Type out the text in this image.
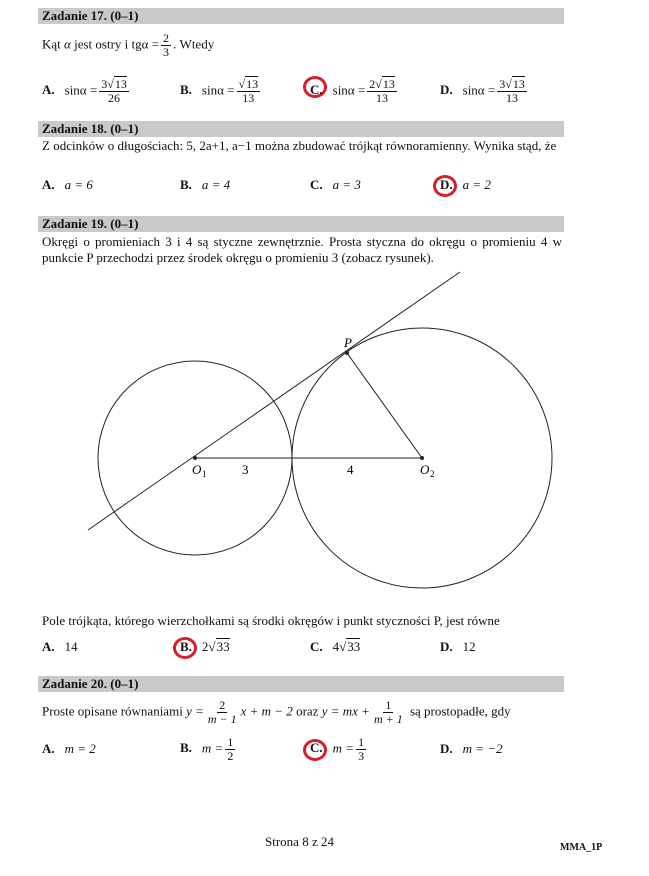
Zadanie 17. (0–1)
Kąt α jest ostry i $tg\alpha = \frac{2}{3}$ . Wtedy
A. $\sin\alpha = \frac{3√13}{26}$	B. $\sin\alpha = \frac{√13}{13}$	C. $\sin\alpha = \frac{2√13}{13}$	D. $\sin\alpha = \frac{3√13}{13}$
Zadanie 18. (0–1)
Z odcinków o długościach: 5, 2a+1, a−1 można zbudować trójkąt równoramienny. Wynika stąd, że
A. a = 6	B. a = 4	C. a = 3	D. a = 2
Zadanie 19. (0–1)
Okręgi o promieniach 3 i 4 są styczne zewnętrznie. Prosta styczna do okręgu o promieniu 4 w punkcie P przechodzi przez środek okręgu o promieniu 3 (zobacz rysunek).
P
O 1	O 2
3	4
Pole trójkąta, którego wierzchołkami są środki okręgów i punkt styczności P, jest równe
A. 14	B. 2√33	C. 4√33	D. 12
Zadanie 20. (0–1)
Proste opisane równaniami $y = \frac{2}{m - 1}$ x + m − 2 oraz y = mx + $\frac{1}{m + 1}$ są prostopadłe, gdy
A. m = 2	B. $m = \frac{1}{2}$	C. $m = \frac{1}{3}$	D. m = −2
Strona 8 z 24	MMA_1P
